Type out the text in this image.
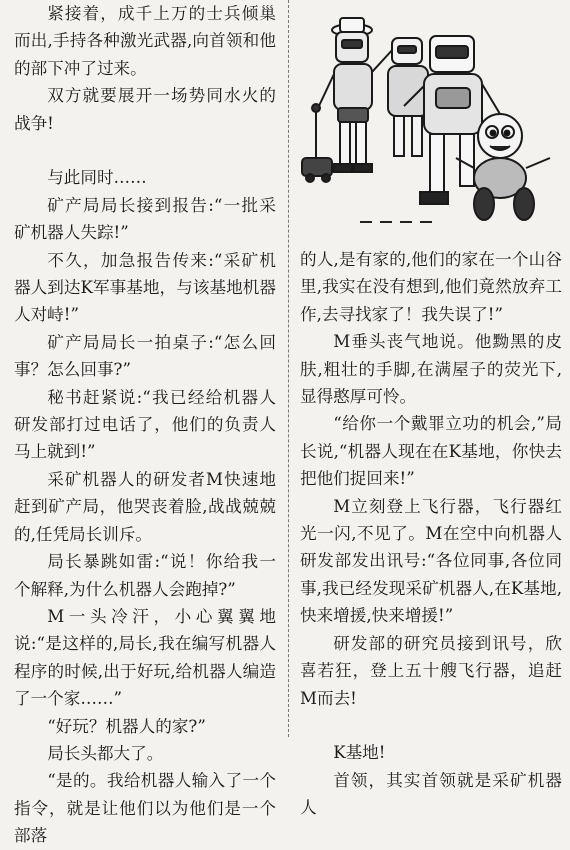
紧接着，成千上万的士兵倾巢而出,手持各种激光武器,向首领和他的部下冲了过来。

双方就要展开一场势同水火的战争!

与此同时……

矿产局局长接到报告:“一批采矿机器人失踪!”

不久，加急报告传来:“采矿机器人到达K军事基地，与该基地机器人对峙!”

矿产局局长一拍桌子:“怎么回事？怎么回事?”

秘书赶紧说:“我已经给机器人研发部打过电话了，他们的负责人马上就到!”

采矿机器人的研发者M快速地赶到矿产局，他哭丧着脸,战战兢兢的,任凭局长训斥。

局长暴跳如雷:“说！你给我一个解释,为什么机器人会跑掉?”

M一头冷汗，小心翼翼地说:“是这样的,局长,我在编写机器人程序的时候,出于好玩,给机器人编造了一个家……”

“好玩？机器人的家?”

局长头都大了。

“是的。我给机器人输入了一个指令，就是让他们以为他们是一个部落

的人,是有家的,他们的家在一个山谷里,我实在没有想到,他们竟然放弃工作,去寻找家了！我失误了!”

M垂头丧气地说。他黝黑的皮肤,粗壮的手脚,在满屋子的荧光下,显得憨厚可怜。

“给你一个戴罪立功的机会,”局长说,“机器人现在在K基地，你快去把他们捉回来!”

M立刻登上飞行器，飞行器红光一闪,不见了。M在空中向机器人研发部发出讯号:“各位同事,各位同事,我已经发现采矿机器人,在K基地,快来增援,快来增援!”

研发部的研究员接到讯号，欣喜若狂，登上五十艘飞行器，追赶M而去!

K基地!

首领，其实首领就是采矿机器人
